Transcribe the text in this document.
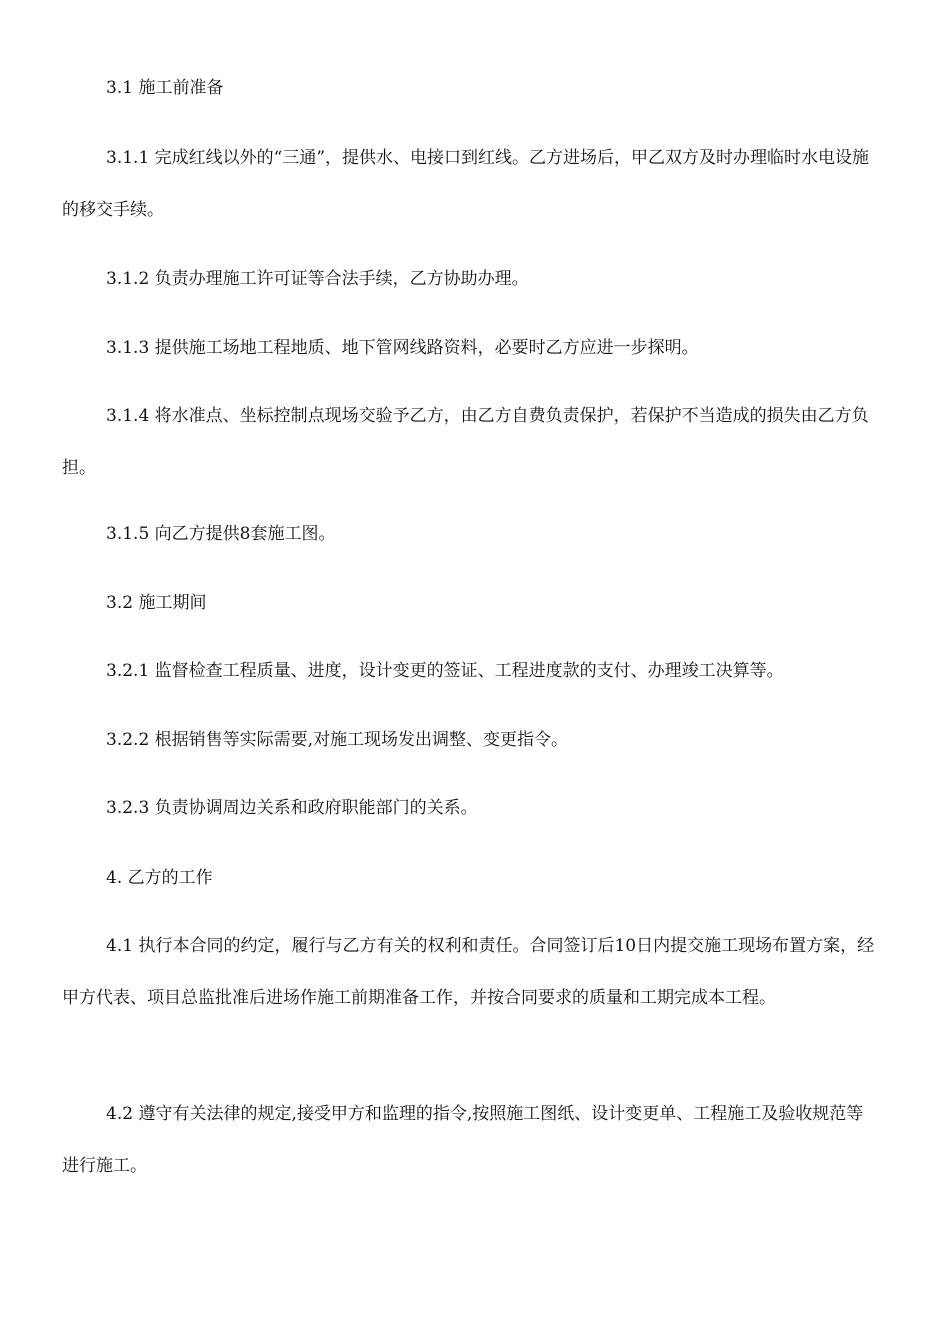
3.1 施工前准备

3.1.1 完成红线以外的“三通”，提供水、电接口到红线。乙方进场后，甲乙双方及时办理临时水电设施的移交手续。

3.1.2 负责办理施工许可证等合法手续，乙方协助办理。

3.1.3 提供施工场地工程地质、地下管网线路资料，必要时乙方应进一步探明。

3.1.4 将水准点、坐标控制点现场交验予乙方，由乙方自费负责保护，若保护不当造成的损失由乙方负担。

3.1.5 向乙方提供8套施工图。

3.2 施工期间

3.2.1 监督检查工程质量、进度，设计变更的签证、工程进度款的支付、办理竣工决算等。

3.2.2 根据销售等实际需要,对施工现场发出调整、变更指令。

3.2.3 负责协调周边关系和政府职能部门的关系。

4. 乙方的工作

4.1 执行本合同的约定，履行与乙方有关的权利和责任。合同签订后10日内提交施工现场布置方案，经甲方代表、项目总监批准后进场作施工前期准备工作，并按合同要求的质量和工期完成本工程。

4.2 遵守有关法律的规定,接受甲方和监理的指令,按照施工图纸、设计变更单、工程施工及验收规范等进行施工。
